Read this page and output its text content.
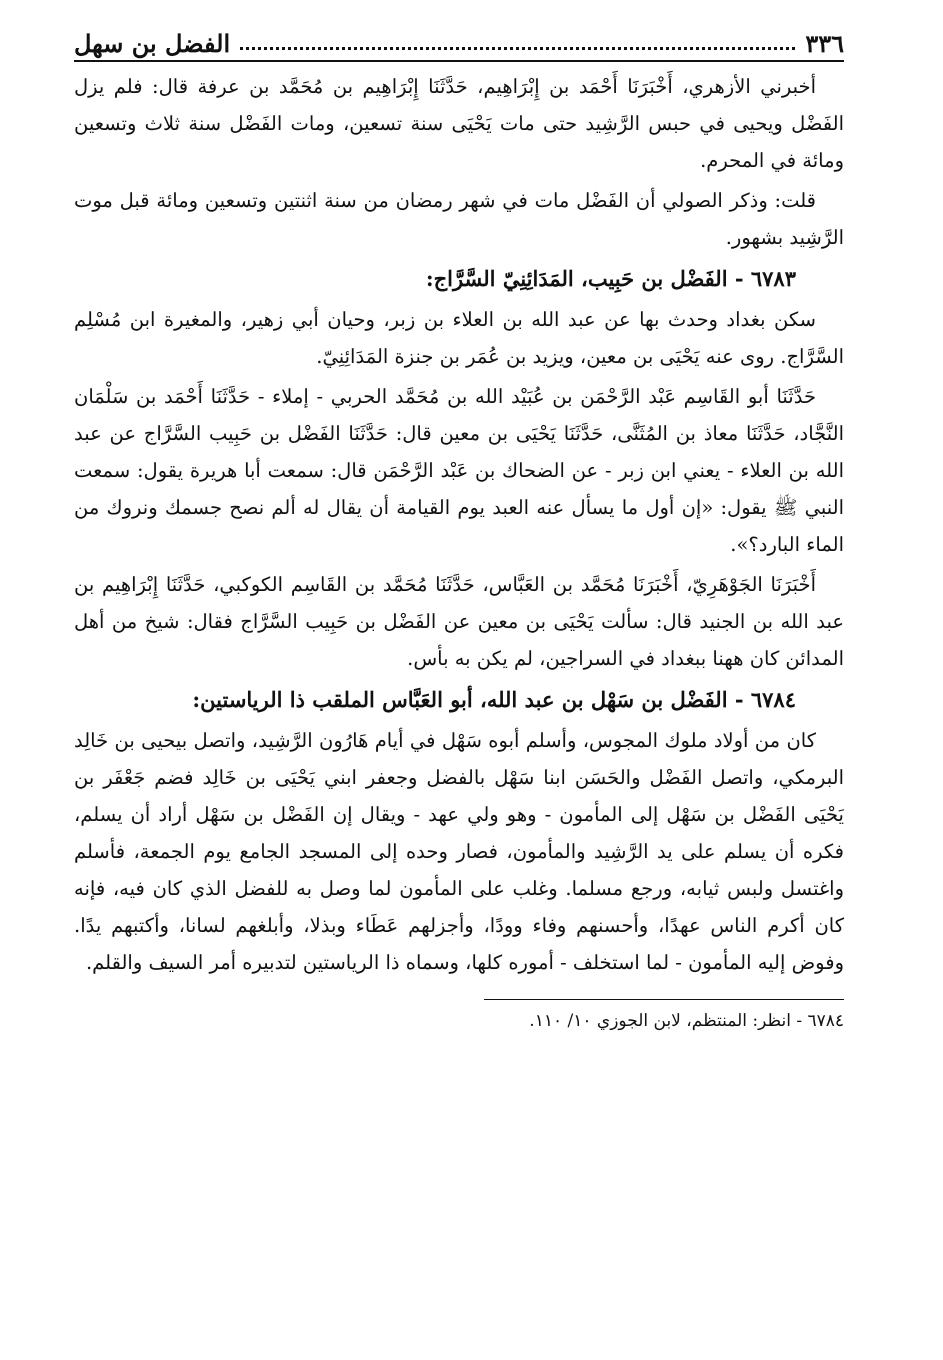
٣٣٦
الفضل بن سهل

أخبرني الأزهري، أَخْبَرَنَا أَحْمَد بن إِبْرَاهِيم، حَدَّثَنَا إِبْرَاهِيم بن مُحَمَّد بن عرفة قال: فلم يزل الفَضْل ويحيى في حبس الرَّشِيد حتى مات يَحْيَى سنة تسعين، ومات الفَضْل سنة ثلاث وتسعين ومائة في المحرم.

قلت: وذكر الصولي أن الفَضْل مات في شهر رمضان من سنة اثنتين وتسعين ومائة قبل موت الرَّشِيد بشهور.

٦٧٨٣ - الفَضْل بن حَبِيب، المَدَائِنِيّ السَّرَّاج:

سكن بغداد وحدث بها عن عبد الله بن العلاء بن زبر، وحيان أبي زهير، والمغيرة ابن مُسْلِم السَّرَّاج. روى عنه يَحْيَى بن معين، ويزيد بن عُمَر بن جنزة المَدَائِنِيّ.

حَدَّثَنَا أبو القَاسِم عَبْد الرَّحْمَن بن عُبَيْد الله بن مُحَمَّد الحربي - إملاء - حَدَّثَنَا أَحْمَد بن سَلْمَان النَّجَّاد، حَدَّثَنَا معاذ بن المُثَنَّى، حَدَّثَنَا يَحْيَى بن معين قال: حَدَّثَنَا الفَضْل بن حَبِيب السَّرَّاج عن عبد الله بن العلاء - يعني ابن زبر - عن الضحاك بن عَبْد الرَّحْمَن قال: سمعت أبا هريرة يقول: سمعت النبي ﷺ يقول: «إن أول ما يسأل عنه العبد يوم القيامة أن يقال له ألم نصح جسمك ونروك من الماء البارد؟».

أَخْبَرَنَا الجَوْهَرِيّ، أَخْبَرَنَا مُحَمَّد بن العَبَّاس، حَدَّثَنَا مُحَمَّد بن القَاسِم الكوكبي، حَدَّثَنَا إِبْرَاهِيم بن عبد الله بن الجنيد قال: سألت يَحْيَى بن معين عن الفَضْل بن حَبِيب السَّرَّاج فقال: شيخ من أهل المدائن كان ههنا ببغداد في السراجين، لم يكن به بأس.

٦٧٨٤ - الفَضْل بن سَهْل بن عبد الله، أبو العَبَّاس الملقب ذا الرياستين:

كان من أولاد ملوك المجوس، وأسلم أبوه سَهْل في أيام هَارُون الرَّشِيد، واتصل بيحيى بن خَالِد البرمكي، واتصل الفَضْل والحَسَن ابنا سَهْل بالفضل وجعفر ابني يَحْيَى بن خَالِد فضم جَعْفَر بن يَحْيَى الفَضْل بن سَهْل إلى المأمون - وهو ولي عهد - ويقال إن الفَضْل بن سَهْل أراد أن يسلم، فكره أن يسلم على يد الرَّشِيد والمأمون، فصار وحده إلى المسجد الجامع يوم الجمعة، فأسلم واغتسل ولبس ثيابه، ورجع مسلما. وغلب على المأمون لما وصل به للفضل الذي كان فيه، فإنه كان أكرم الناس عهدًا، وأحسنهم وفاء وودًا، وأجزلهم عَطَاء وبذلا، وأبلغهم لسانا، وأكتبهم يدًا. وفوض إليه المأمون - لما استخلف - أموره كلها، وسماه ذا الرياستين لتدبيره أمر السيف والقلم.

٦٧٨٤ - انظر: المنتظم، لابن الجوزي ١٠/ ١١٠.
